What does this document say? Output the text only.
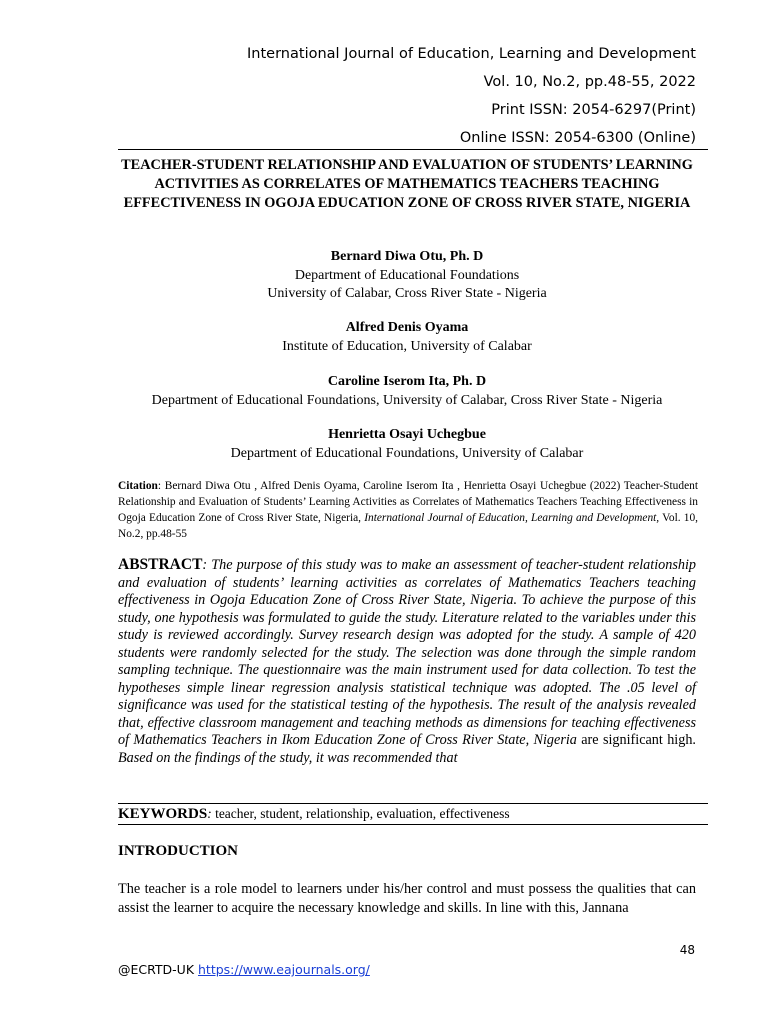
International Journal of Education, Learning and Development
Vol. 10, No.2, pp.48-55, 2022
Print ISSN: 2054-6297(Print)
Online ISSN: 2054-6300 (Online)
TEACHER-STUDENT RELATIONSHIP AND EVALUATION OF STUDENTS’ LEARNING ACTIVITIES AS CORRELATES OF MATHEMATICS TEACHERS TEACHING EFFECTIVENESS IN OGOJA EDUCATION ZONE OF CROSS RIVER STATE, NIGERIA
Bernard Diwa Otu, Ph. D
Department of Educational Foundations
University of Calabar, Cross River State - Nigeria
Alfred Denis Oyama
Institute of Education, University of Calabar
Caroline Iserom Ita, Ph. D
Department of Educational Foundations, University of Calabar, Cross River State - Nigeria
Henrietta Osayi Uchegbue
Department of Educational Foundations, University of Calabar
Citation: Bernard Diwa Otu , Alfred Denis Oyama, Caroline Iserom Ita , Henrietta Osayi Uchegbue (2022) Teacher-Student Relationship and Evaluation of Students’ Learning Activities as Correlates of Mathematics Teachers Teaching Effectiveness in Ogoja Education Zone of Cross River State, Nigeria, International Journal of Education, Learning and Development, Vol. 10, No.2, pp.48-55
ABSTRACT: The purpose of this study was to make an assessment of teacher-student relationship and evaluation of students’ learning activities as correlates of Mathematics Teachers teaching effectiveness in Ogoja Education Zone of Cross River State, Nigeria. To achieve the purpose of this study, one hypothesis was formulated to guide the study. Literature related to the variables under this study is reviewed accordingly. Survey research design was adopted for the study. A sample of 420 students were randomly selected for the study. The selection was done through the simple random sampling technique. The questionnaire was the main instrument used for data collection. To test the hypotheses simple linear regression analysis statistical technique was adopted. The .05 level of significance was used for the statistical testing of the hypothesis. The result of the analysis revealed that, effective classroom management and teaching methods as dimensions for teaching effectiveness of Mathematics Teachers in Ikom Education Zone of Cross River State, Nigeria are significant high. Based on the findings of the study, it was recommended that
KEYWORDS: teacher, student, relationship, evaluation, effectiveness
INTRODUCTION
The teacher is a role model to learners under his/her control and must possess the qualities that can assist the learner to acquire the necessary knowledge and skills. In line with this, Jannana
48
@ECRTD-UK https://www.eajournals.org/
